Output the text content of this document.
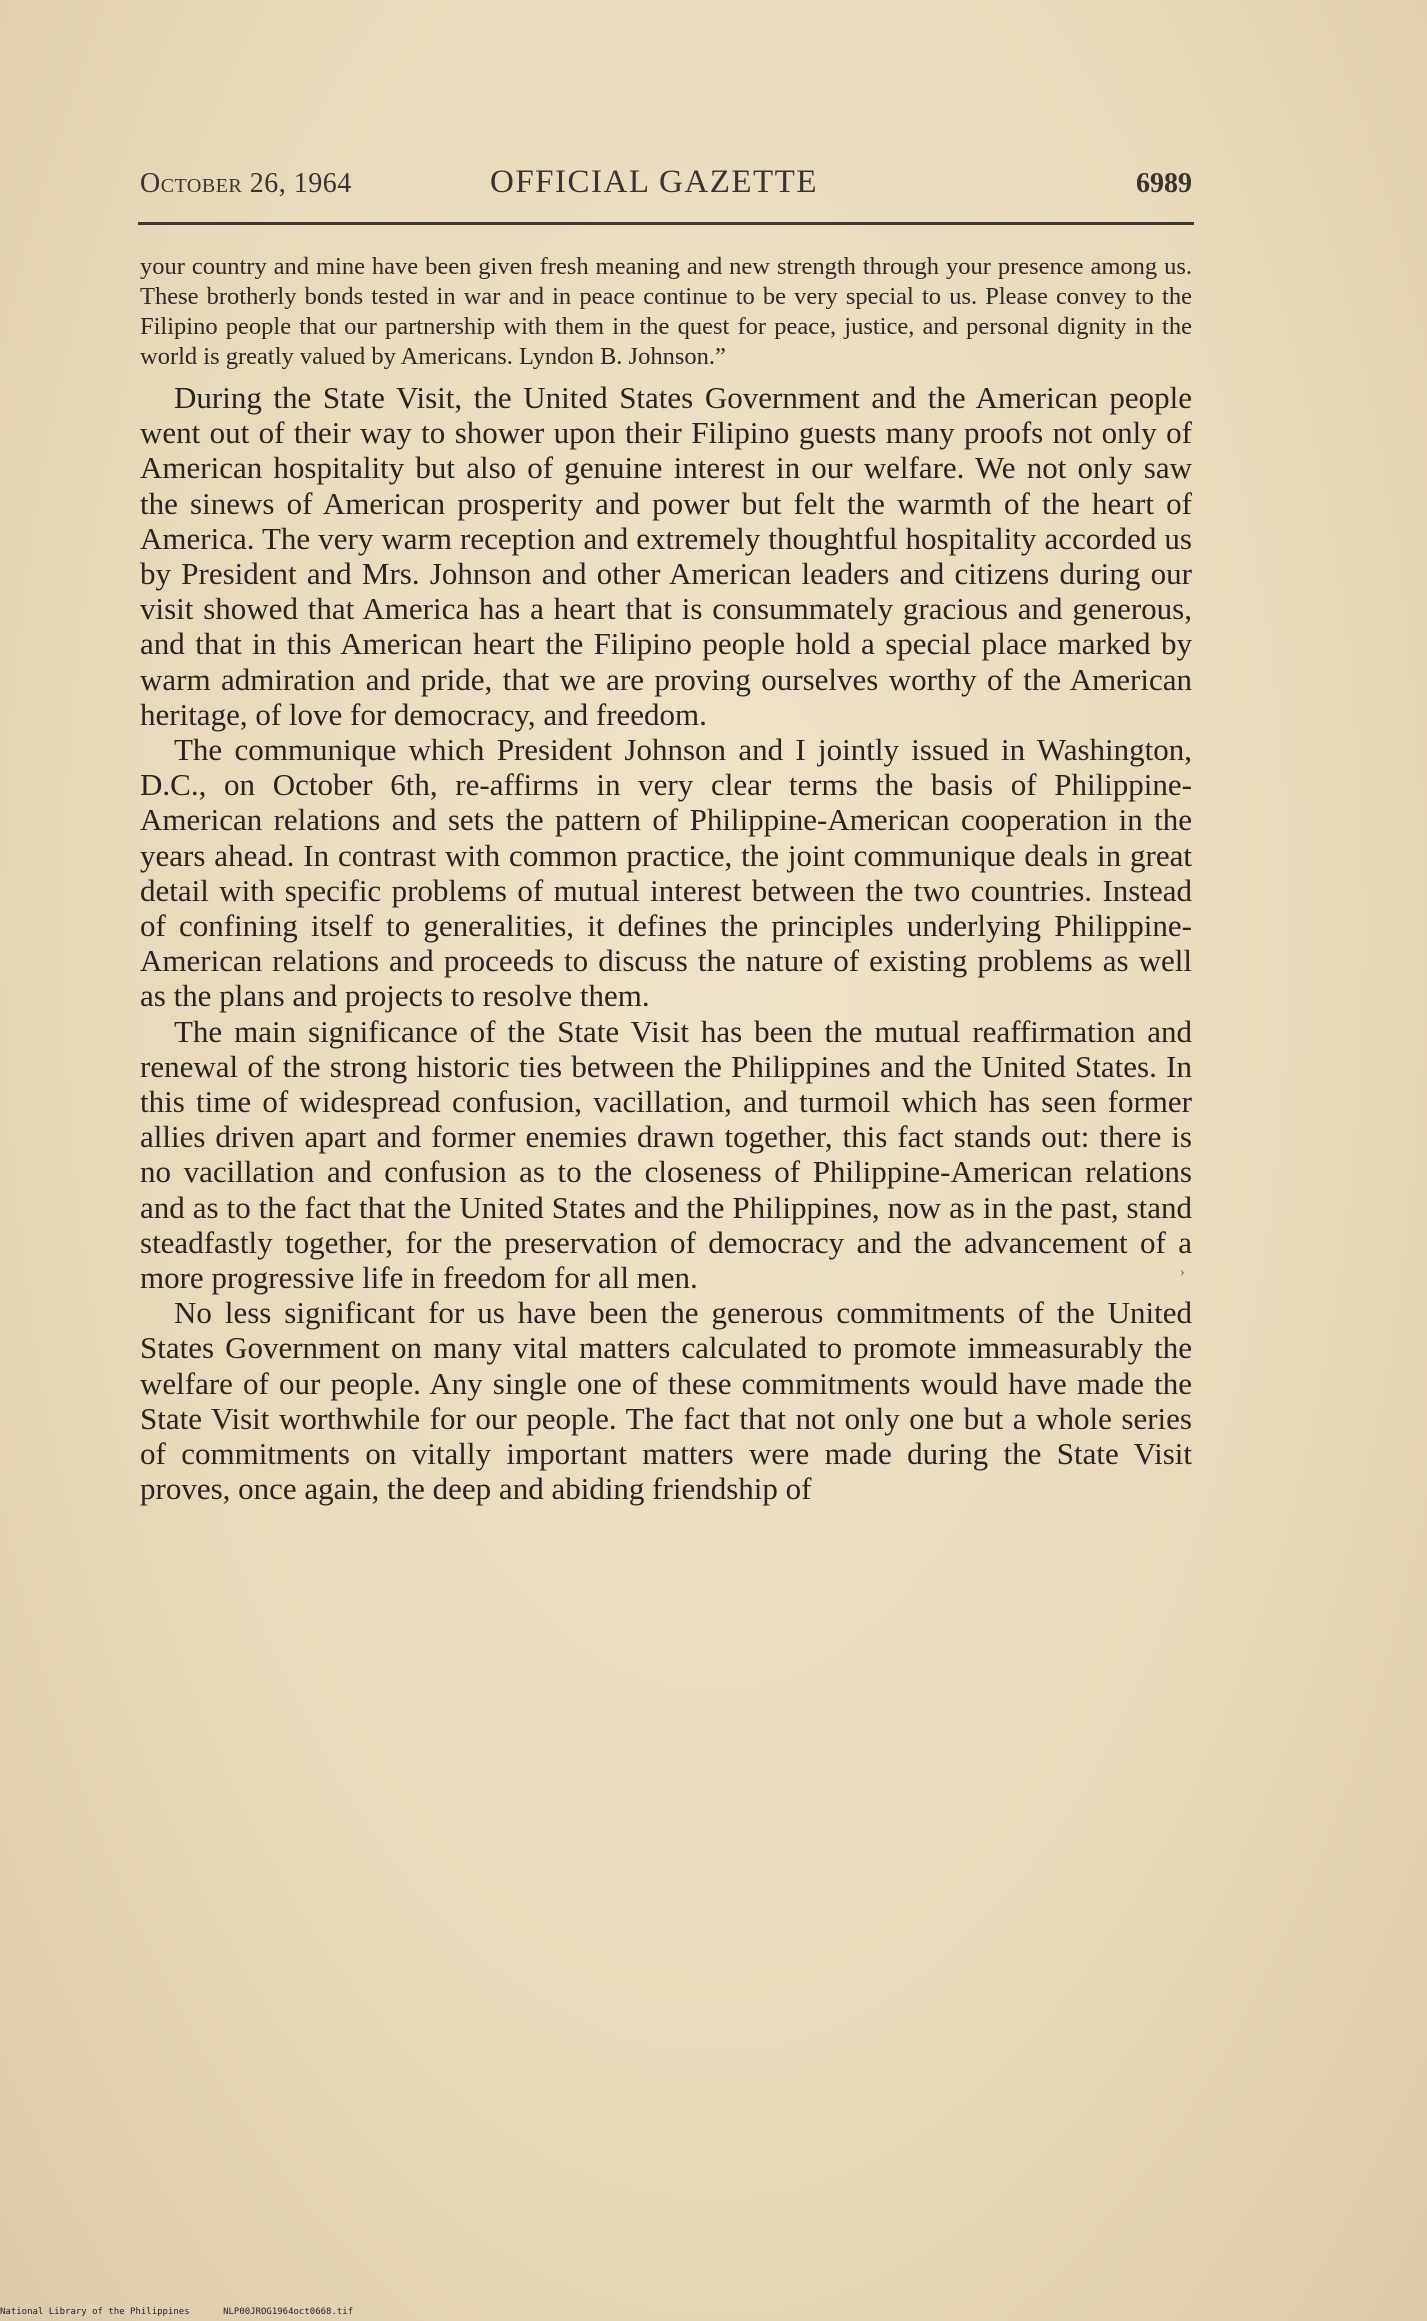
October 26, 1964	OFFICIAL GAZETTE	6989

your country and mine have been given fresh meaning and new strength through your presence among us. These brotherly bonds tested in war and in peace continue to be very special to us. Please convey to the Filipino people that our partnership with them in the quest for peace, justice, and personal dignity in the world is greatly valued by Americans. Lyndon B. Johnson.”

During the State Visit, the United States Government and the American people went out of their way to shower upon their Filipino guests many proofs not only of American hospitality but also of genuine interest in our welfare. We not only saw the sinews of American prosperity and power but felt the warmth of the heart of America. The very warm reception and extremely thoughtful hospitality accorded us by President and Mrs. Johnson and other American leaders and citizens during our visit showed that America has a heart that is consummately gracious and generous, and that in this American heart the Filipino people hold a special place marked by warm admiration and pride, that we are proving ourselves worthy of the American heritage, of love for democracy, and freedom.

The communique which President Johnson and I jointly issued in Washington, D.C., on October 6th, re-affirms in very clear terms the basis of Philippine-American relations and sets the pattern of Philippine-American cooperation in the years ahead. In contrast with common practice, the joint communique deals in great detail with specific problems of mutual interest between the two countries. Instead of confining itself to generalities, it defines the principles underlying Philippine-American relations and proceeds to discuss the nature of existing problems as well as the plans and projects to resolve them.

The main significance of the State Visit has been the mutual reaffirmation and renewal of the strong historic ties between the Philippines and the United States. In this time of widespread confusion, vacillation, and turmoil which has seen former allies driven apart and former enemies drawn together, this fact stands out: there is no vacillation and confusion as to the closeness of Philippine-American relations and as to the fact that the United States and the Philippines, now as in the past, stand steadfastly together, for the preservation of democracy and the advancement of a more progressive life in freedom for all men.

No less significant for us have been the generous commitments of the United States Government on many vital matters calculated to promote immeasurably the welfare of our people. Any single one of these commitments would have made the State Visit worthwhile for our people. The fact that not only one but a whole series of commitments on vitally important matters were made during the State Visit proves, once again, the deep and abiding friendship of

›
National Library of the Philippines	NLP00JROG1964oct0668.tif
